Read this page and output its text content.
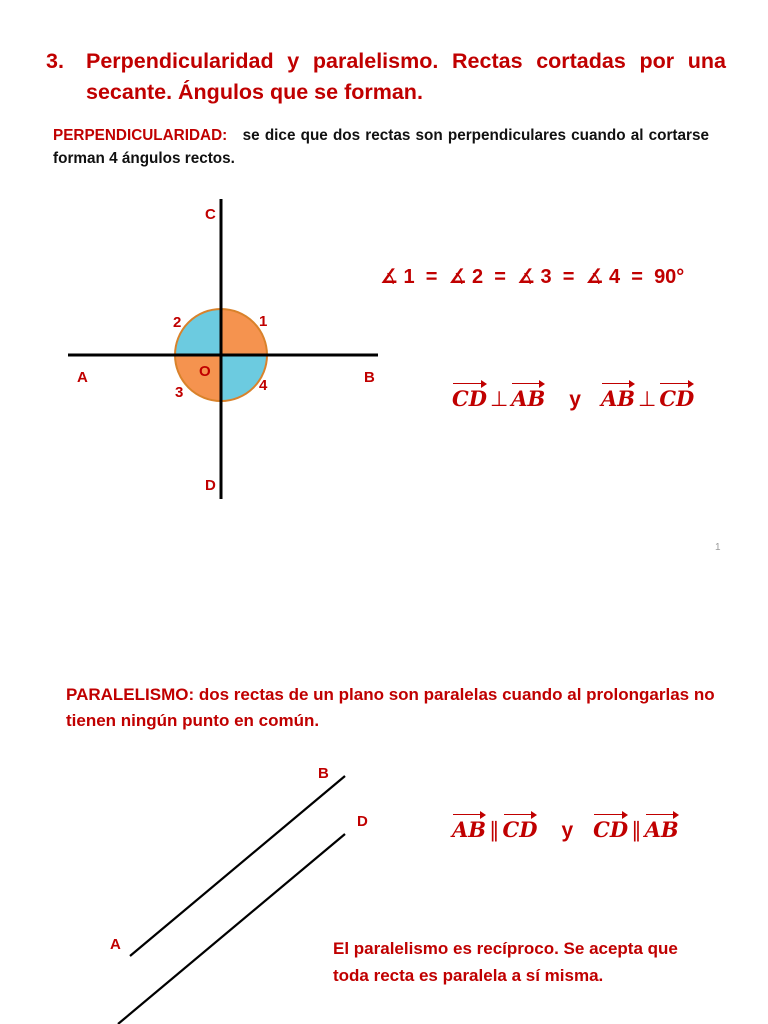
3.	Perpendicularidad y paralelismo. Rectas cortadas por una secante. Ángulos que se forman.
PERPENDICULARIDAD: se dice que dos rectas son perpendiculares cuando al cortarse forman 4 ángulos rectos.
C
D
A	B
O
1
2
3	4
B
D
A
∡ 1  =  ∡ 2  =  ∡ 3  =  ∡ 4  =  90°
CD ⊥ AB y AB ⊥ CD
1
PARALELISMO: dos rectas de un plano son paralelas cuando al prolongarlas no tienen ningún punto en común.
AB ∥ CD y CD ∥ AB
El paralelismo es recíproco. Se acepta que toda recta es paralela a sí misma.
